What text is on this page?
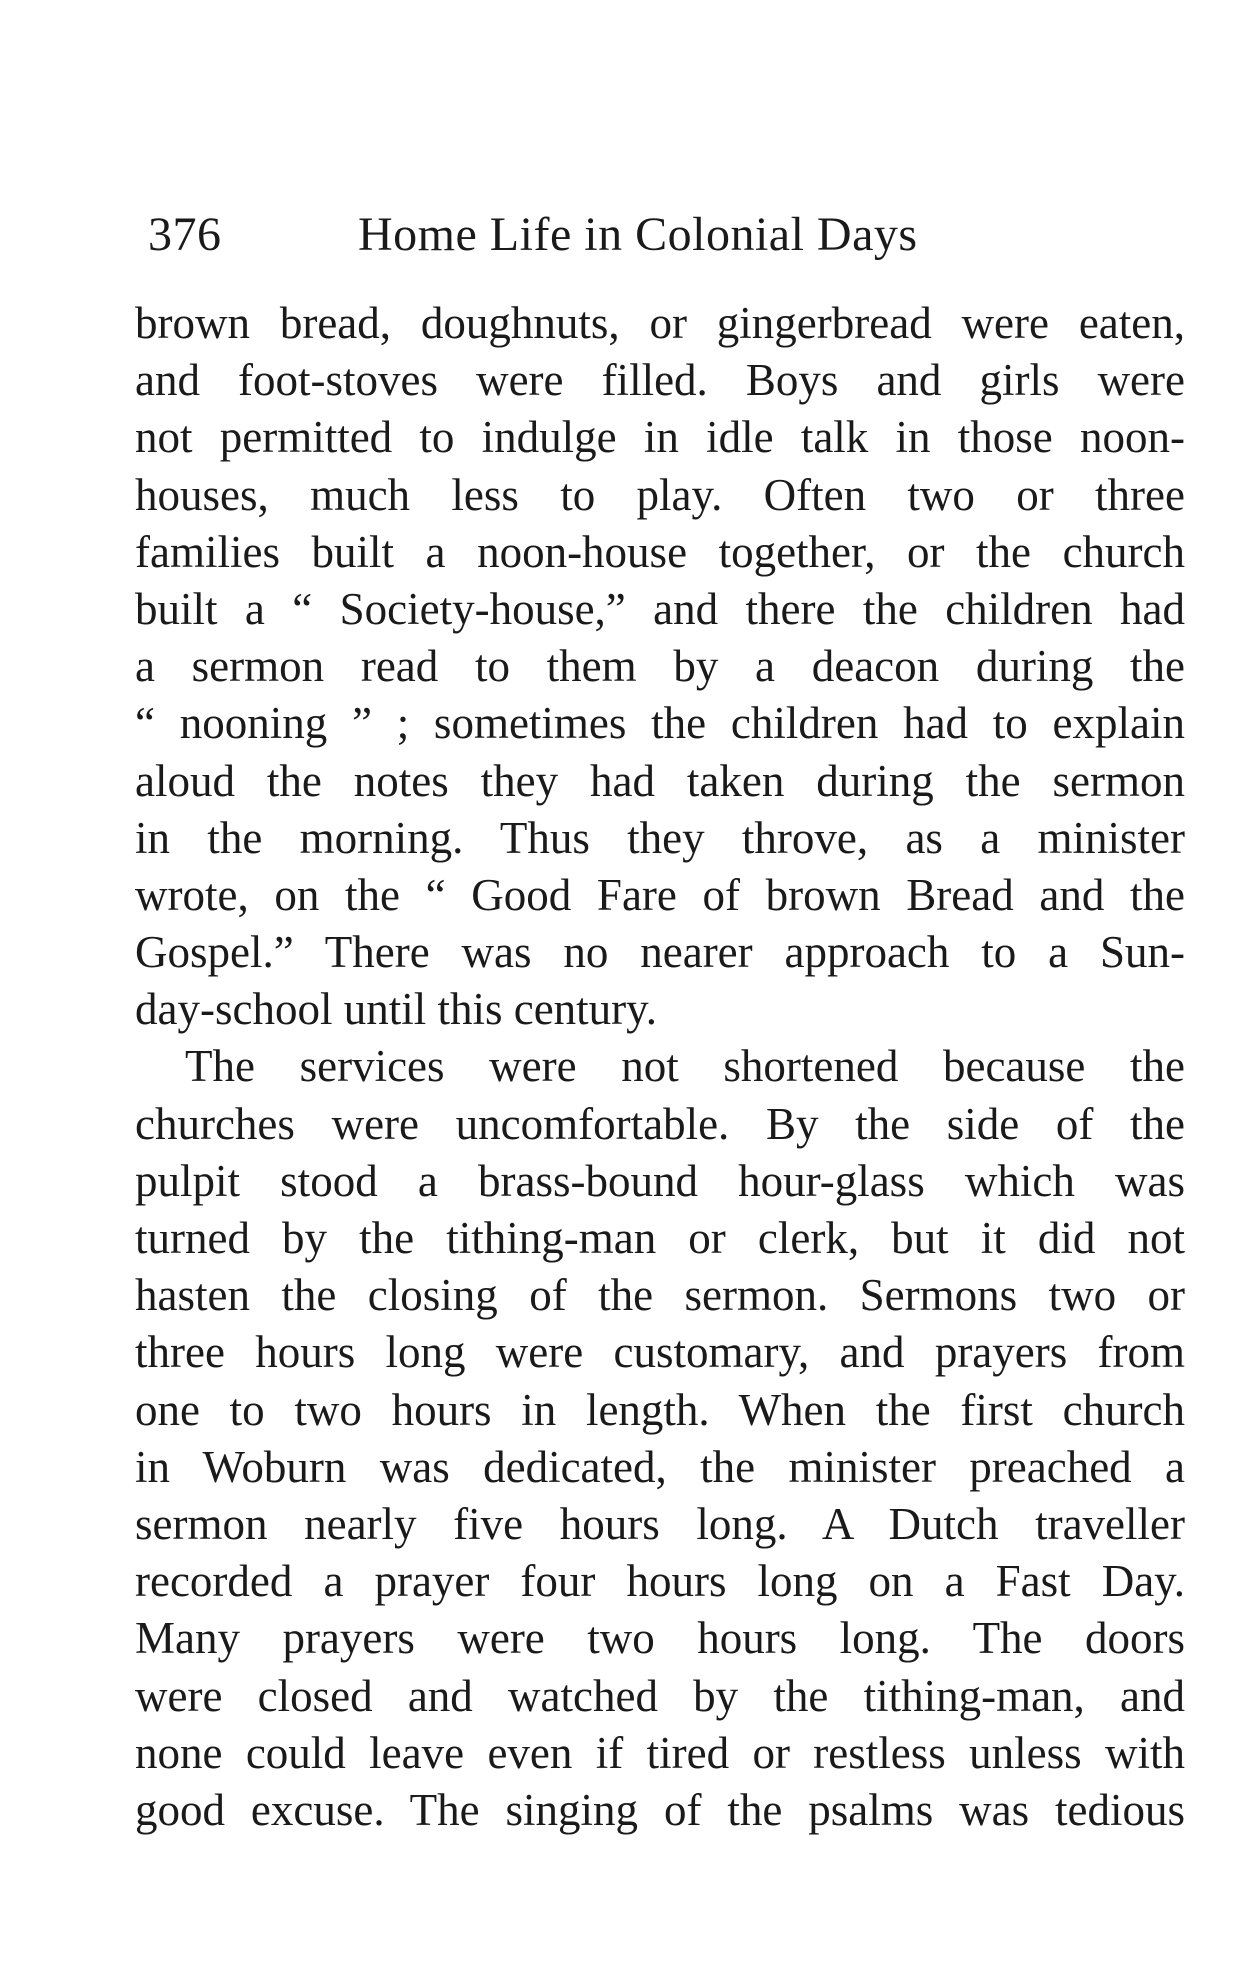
376	Home Life in Colonial Days
brown bread, doughnuts, or gingerbread were eaten,
and foot-stoves were filled. Boys and girls were
not permitted to indulge in idle talk in those noon-
houses, much less to play. Often two or three
families built a noon-house together, or the church
built a “ Society-house,” and there the children had
a sermon read to them by a deacon during the
“ nooning ” ; sometimes the children had to explain
aloud the notes they had taken during the sermon
in the morning. Thus they throve, as a minister
wrote, on the “ Good Fare of brown Bread and the
Gospel.” There was no nearer approach to a Sun-
day-school until this century.
The services were not shortened because the
churches were uncomfortable. By the side of the
pulpit stood a brass-bound hour-glass which was
turned by the tithing-man or clerk, but it did not
hasten the closing of the sermon. Sermons two or
three hours long were customary, and prayers from
one to two hours in length. When the first church
in Woburn was dedicated, the minister preached a
sermon nearly five hours long. A Dutch traveller
recorded a prayer four hours long on a Fast Day.
Many prayers were two hours long. The doors
were closed and watched by the tithing-man, and
none could leave even if tired or restless unless with
good excuse. The singing of the psalms was tedious
